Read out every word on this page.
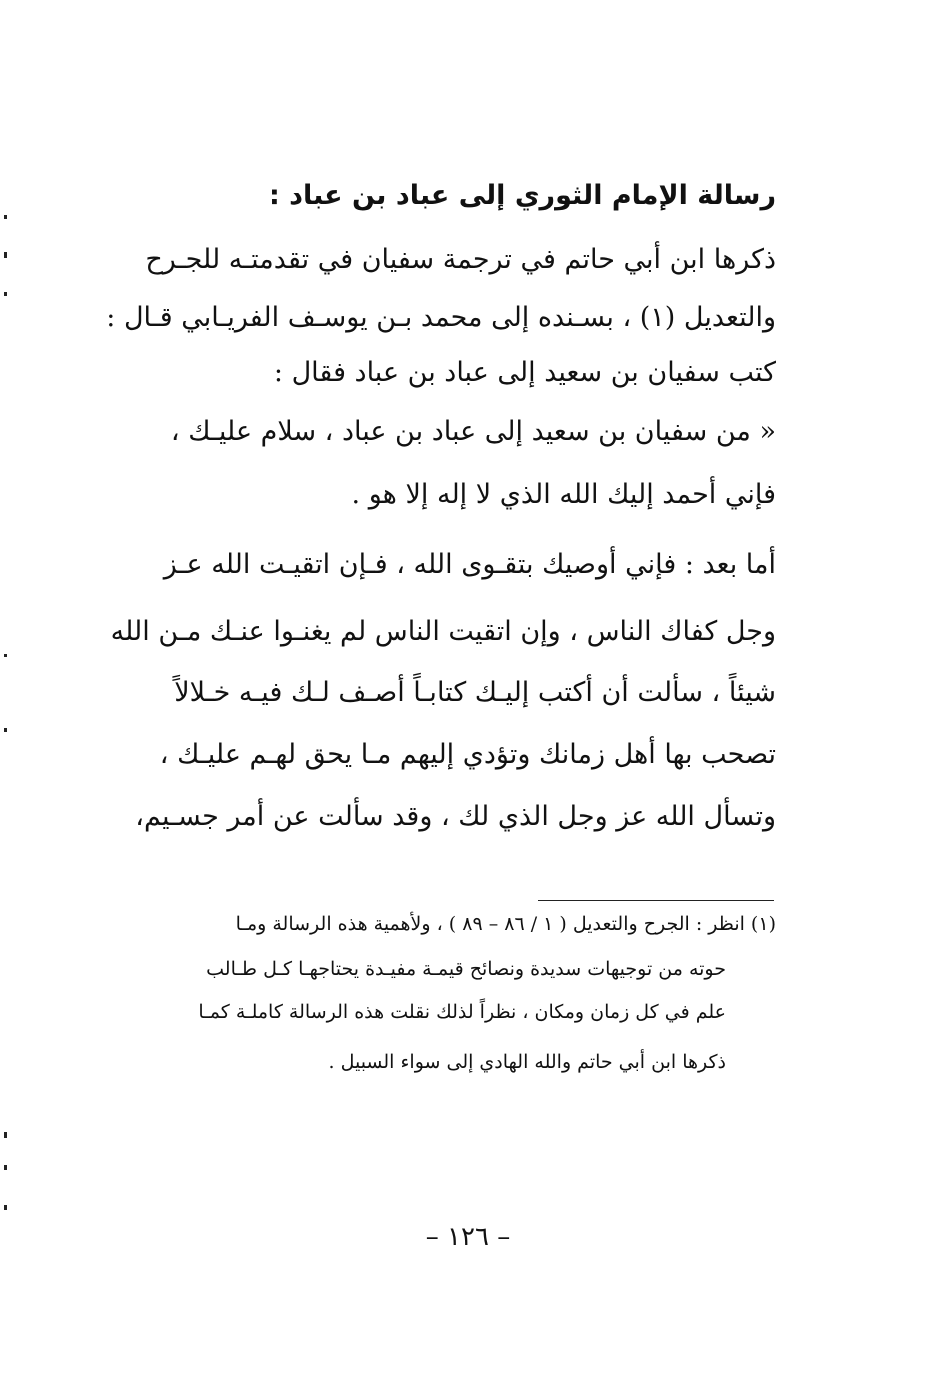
رسالة الإمام الثوري إلى عباد بن عباد :
ذكرها ابن أبي حاتم في ترجمة سفيان في تقدمتـه للجـرح
والتعديل (١) ، بسـنده إلى محمد بـن يوسـف الفريـابي قـال :
كتب سفيان بن سعيد إلى عباد بن عباد فقال :
« من سفيان بن سعيد إلى عباد بن عباد ، سلام عليـك ،
فإني أحمد إليك الله الذي لا إله إلا هو .
أما بعد : فإني أوصيك بتقـوى الله ، فـإن اتقيـت الله عـز
وجل كفاك الناس ، وإن اتقيت الناس لم يغنـوا عنـك مـن الله
شيئاً ، سألت أن أكتب إليـك كتابـاً أصـف لـك فيـه خـلالاً
تصحب بها أهل زمانك وتؤدي إليهم مـا يحق لهـم عليـك ،
وتسأل الله عز وجل الذي لك ، وقد سألت عن أمر جسـيم،
(١) انظر : الجرح والتعديل ( ١ / ٨٦ – ٨٩ ) ، ولأهمية هذه الرسالة ومـا
حوته من توجيهات سديدة ونصائح قيمـة مفيـدة يحتاجهـا كـل طـالب
علم في كل زمان ومكان ، نظراً لذلك نقلت هذه الرسالة كاملـة كمـا
ذكرها ابن أبي حاتم والله الهادي إلى سواء السبيل .
– ١٢٦ –
